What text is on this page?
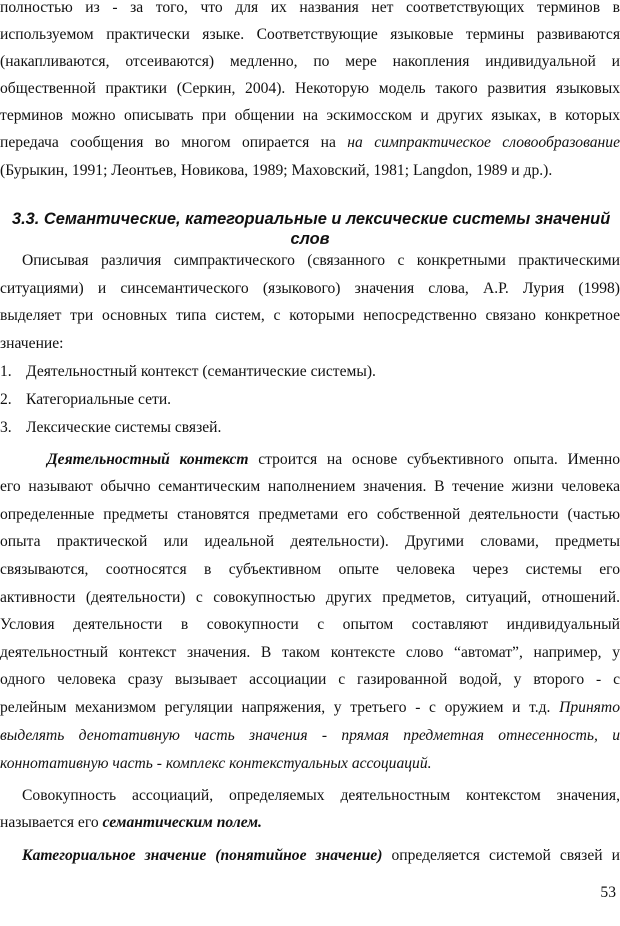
полностью из - за того, что для их названия нет соответствующих терминов в
используемом практически языке. Соответствующие языковые термины развиваются
(накапливаются, отсеиваются) медленно, по мере накопления индивидуальной и
общественной практики (Серкин, 2004). Некоторую модель такого развития языковых
терминов можно описывать при общении на эскимосском и других языках, в которых
передача сообщения во многом опирается на на симпрактическое словообразование
(Бурыкин, 1991; Леонтьев, Новикова, 1989; Маховский, 1981; Langdon, 1989 и др.).
3.3. Семантические, категориальные и лексические системы значений
слов
Описывая различия симпрактического (связанного с конкретными практическими
ситуациями) и синсемантического (языкового) значения слова, А.Р. Лурия (1998)
выделяет три основных типа систем, с которыми непосредственно связано конкретное
значение:
1. Деятельностный контекст (семантические системы).
2. Категориальные сети.
3. Лексические системы связей.
Деятельностный контекст строится на основе субъективного опыта. Именно
его называют обычно семантическим наполнением значения. В течение жизни человека
определенные предметы становятся предметами его собственной деятельности (частью
опыта практической или идеальной деятельности). Другими словами, предметы
связываются, соотносятся в субъективном опыте человека через системы его
активности (деятельности) с совокупностью других предметов, ситуаций, отношений.
Условия деятельности в совокупности с опытом составляют индивидуальный
деятельностный контекст значения. В таком контексте слово “автомат”, например, у
одного человека сразу вызывает ассоциации с газированной водой, у второго - с
релейным механизмом регуляции напряжения, у третьего - с оружием и т.д. Принято
выделять денотативную часть значения - прямая предметная отнесенность, и
коннотативную часть - комплекс контекстуальных ассоциаций.
Совокупность ассоциаций, определяемых деятельностным контекстом значения,
называется его семантическим полем.
Категориальное значение (понятийное значение) определяется системой связей и
53
